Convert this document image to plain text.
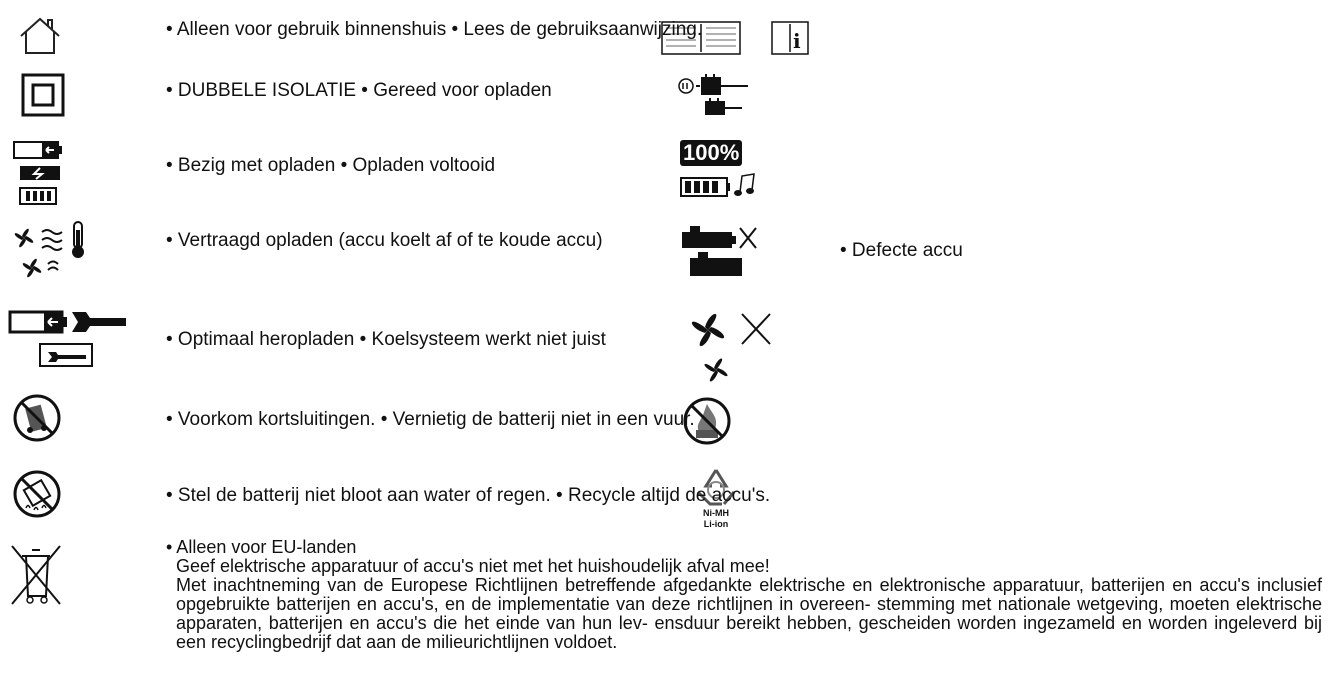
i
100%
Ni-MH
Li-ion

• Alleen voor gebruik binnenshuis • Lees de gebruiksaanwijzing.

• DUBBELE ISOLATIE • Gereed voor opladen

• Bezig met opladen • Opladen voltooid

• Vertraagd opladen (accu koelt af of te koude accu)

• Optimaal heropladen • Koelsysteem werkt niet juist

• Voorkom kortsluitingen. • Vernietig de batterij niet in een vuur.

• Stel de batterij niet bloot aan water of regen. • Recycle altijd de accu's.

• Defecte accu

• Alleen voor EU-landen
Geef elektrische apparatuur of accu's niet met het huishoudelijk afval mee!
Met inachtneming van de Europese Richtlijnen betreffende afgedankte elektrische en elektronische apparatuur, batterijen en accu's inclusief opgebruikte batterijen en accu's, en de implementatie van deze richtlijnen in overeen- stemming met nationale wetgeving, moeten elektrische apparaten, batterijen en accu's die het einde van hun lev- ensduur bereikt hebben, gescheiden worden ingezameld en worden ingeleverd bij een recyclingbedrijf dat aan de milieurichtlijnen voldoet.
